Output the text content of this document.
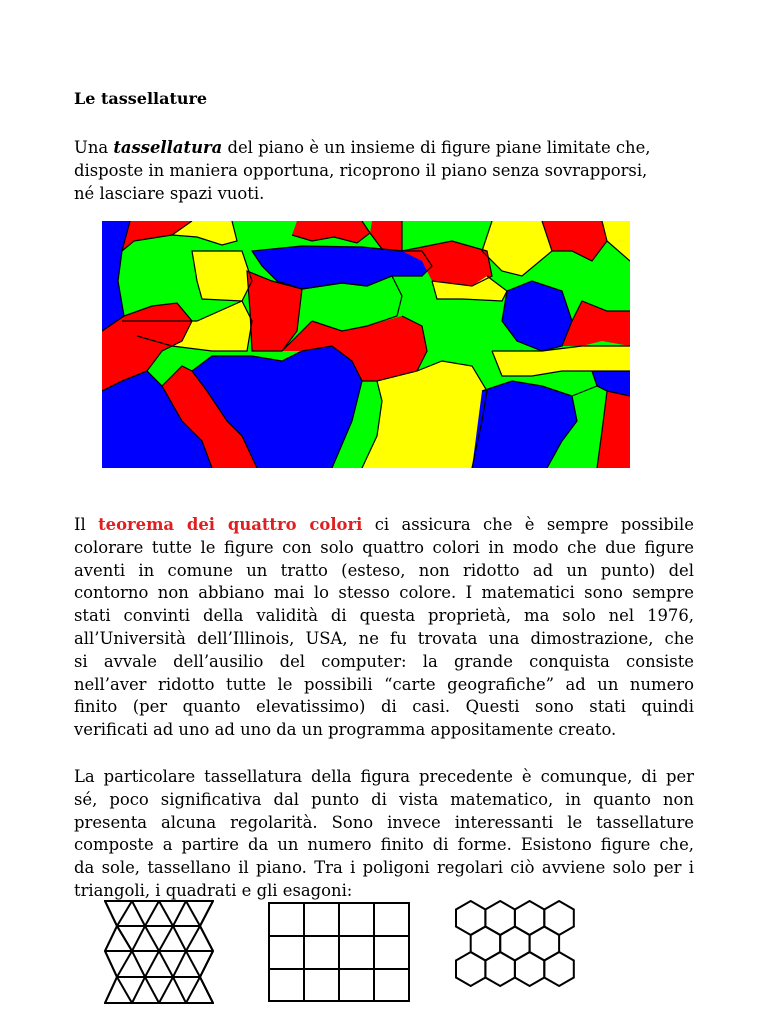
Le tassellature

Una tassellatura del piano è un insieme di figure piane limitate che,
disposte in maniera opportuna, ricoprono il piano senza sovrapporsi,
né lasciare spazi vuoti.

Il teorema dei quattro colori ci assicura che è sempre possibile
colorare tutte le figure con solo quattro colori in modo che due figure
aventi in comune un tratto (esteso, non ridotto ad un punto) del
contorno non abbiano mai lo stesso colore. I matematici sono sempre
stati convinti della validità di questa proprietà, ma solo nel 1976,
all’Università dell’Illinois, USA, ne fu trovata una dimostrazione, che
si avvale dell’ausilio del computer: la grande conquista consiste
nell’aver ridotto tutte le possibili “carte geografiche” ad un numero
finito (per quanto elevatissimo) di casi. Questi sono stati quindi
verificati ad uno ad uno da un programma appositamente creato.

La particolare tassellatura della figura precedente è comunque, di per
sé, poco significativa dal punto di vista matematico, in quanto non
presenta alcuna regolarità. Sono invece interessanti le tassellature
composte a partire da un numero finito di forme. Esistono figure che,
da sole, tassellano il piano. Tra i poligoni regolari ciò avviene solo per i
triangoli, i quadrati e gli esagoni:
